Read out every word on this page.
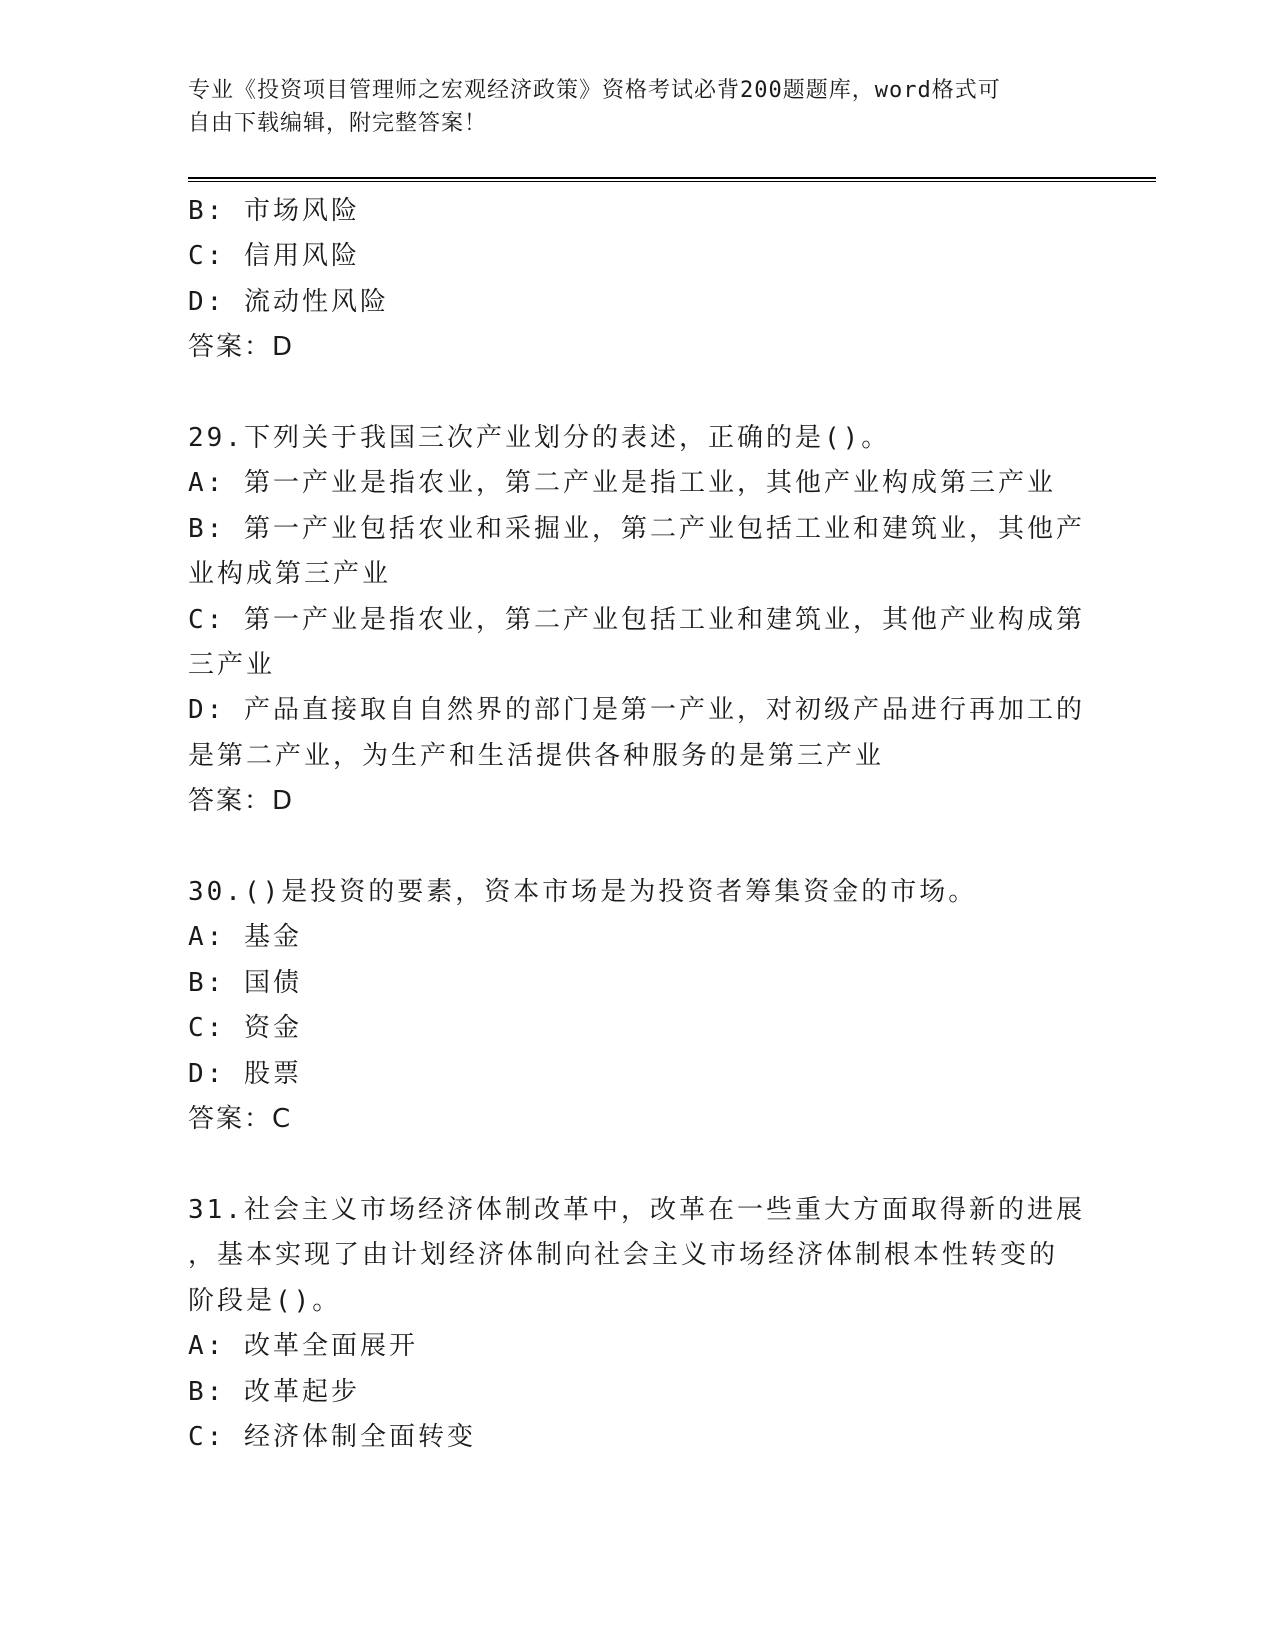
专业《投资项目管理师之宏观经济政策》资格考试必背200题题库，word格式可
自由下载编辑，附完整答案！
B: 市场风险
C: 信用风险
D: 流动性风险
答案：D
29.下列关于我国三次产业划分的表述，正确的是()。
A: 第一产业是指农业，第二产业是指工业，其他产业构成第三产业
B: 第一产业包括农业和采掘业，第二产业包括工业和建筑业，其他产
业构成第三产业
C: 第一产业是指农业，第二产业包括工业和建筑业，其他产业构成第
三产业
D: 产品直接取自自然界的部门是第一产业，对初级产品进行再加工的
是第二产业，为生产和生活提供各种服务的是第三产业
答案：D
30.()是投资的要素，资本市场是为投资者筹集资金的市场。
A: 基金
B: 国债
C: 资金
D: 股票
答案：C
31.社会主义市场经济体制改革中，改革在一些重大方面取得新的进展
，基本实现了由计划经济体制向社会主义市场经济体制根本性转变的
阶段是()。
A: 改革全面展开
B: 改革起步
C: 经济体制全面转变
